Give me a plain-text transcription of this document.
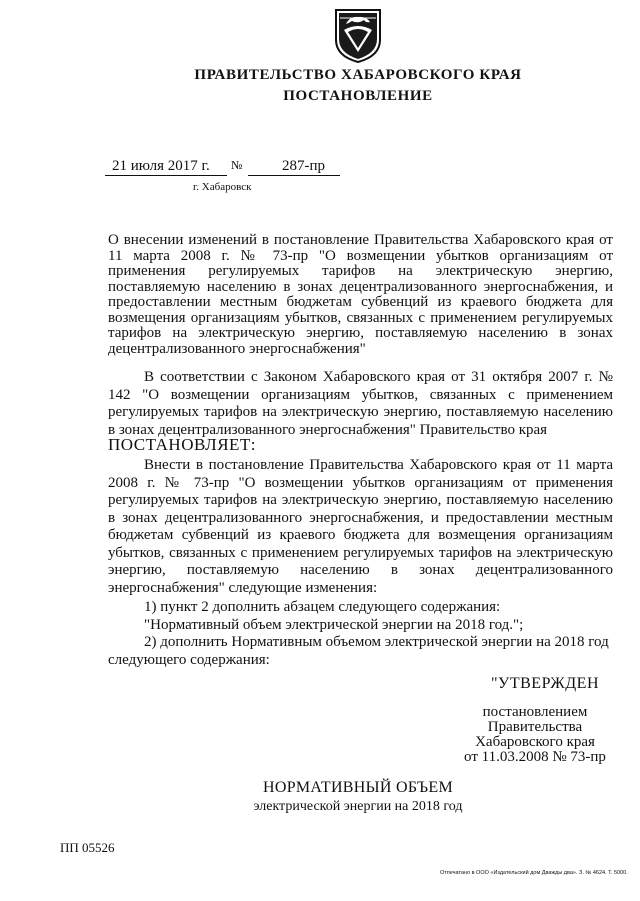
ПРАВИТЕЛЬСТВО ХАБАРОВСКОГО КРАЯ
ПОСТАНОВЛЕНИЕ
21 июля 2017 г. №	287-пр
г. Хабаровск
О внесении изменений в постановление Правительства Хабаровского края от 11 марта 2008 г. № 73-пр "О возмещении убытков организациям от применения регулируемых тарифов на электрическую энергию, поставляемую населению в зонах децентрализованного энергоснабжения, и предоставлении местным бюджетам субвенций из краевого бюджета для возмещения организациям убытков, связанных с применением регулируемых тарифов на электрическую энергию, поставляемую населению в зонах децентрализованного энергоснабжения"
В соответствии с Законом Хабаровского края от 31 октября 2007 г. № 142 "О возмещении организациям убытков, связанных с применением регулируемых тарифов на электрическую энергию, поставляемую населению в зонах децентрализованного энергоснабжения" Правительство края
ПОСТАНОВЛЯЕТ:
Внести в постановление Правительства Хабаровского края от 11 марта 2008 г. № 73-пр "О возмещении убытков организациям от применения регулируемых тарифов на электрическую энергию, поставляемую населению в зонах децентрализованного энергоснабжения, и предоставлении местным бюджетам субвенций из краевого бюджета для возмещения организациям убытков, связанных с применением регулируемых тарифов на электрическую энергию, поставляемую населению в зонах децентрализованного энергоснабжения" следующие изменения:
1) пункт 2 дополнить абзацем следующего содержания:
"Нормативный объем электрической энергии на 2018 год.";
2) дополнить Нормативным объемом электрической энергии на 2018 год
следующего содержания:
"УТВЕРЖДЕН
постановлением
Правительства
Хабаровского края
от 11.03.2008 № 73-пр
НОРМАТИВНЫЙ ОБЪЕМ
электрической энергии на 2018 год
ПП 05526
Отпечатано в ООО «Издательский дом Дважды два». З. № 4624. Т. 5000.
